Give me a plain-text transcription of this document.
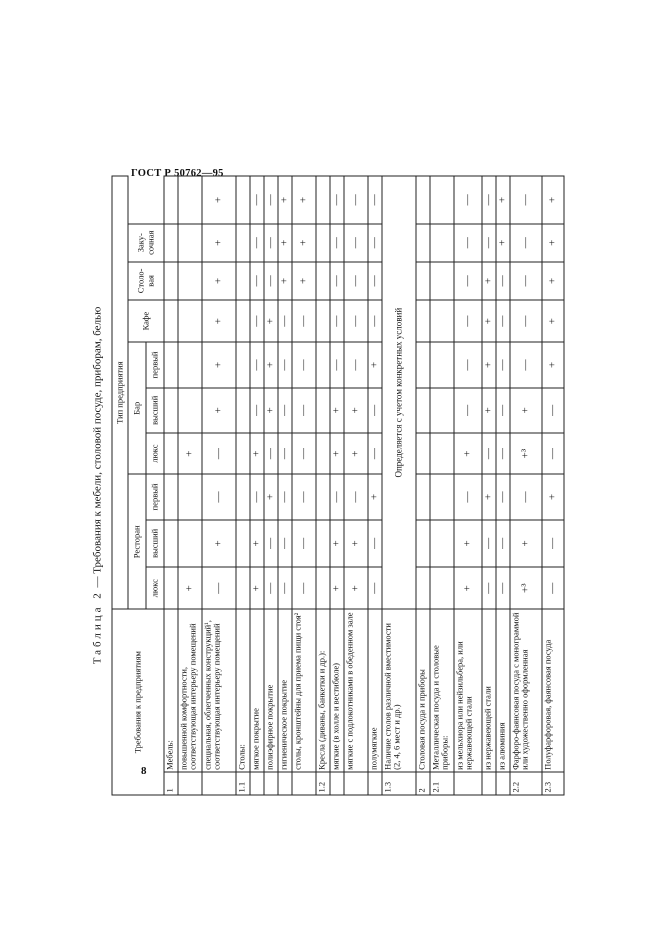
ГОСТ Р 50762—95
Таблица 2 — Требования к мебели, столовой посуде, приборам, белью
Требования к предприятиям		Тип предприятия									
		Ресторан			Бар			Кафе	Столо-вая	Заку-сочная	
		люкс	высший	первый	люкс	высший	первый				
1	Мебель:										
	повышенной комфортности, соответствующая интерьеру помещений	+			+						
	специальная, облегченных конструкций¹, соответствующая интерьеру помещений	—	+	—	—	+	+	+	+	+	+
1.1	Столы:										
	мягкое покрытие	+	+	—	+	—	—	—	—	—	—
	полиэфирное покрытие	—	—	+	—	+	+	+	—	—	—
	гигиеническое покрытие	—	—	—	—	—	—	—	+	+	+
	столы, кронштейны для приема пищи стоя²	—	—	—	—	—	—	—	+	+	+
1.2	Кресла (диваны, банкетки и др.):										
	мягкие (в холле и вестибюле)	+	+	—	+	+	—	—	—	—	—
	мягкие с подлокотниками в обеденном зале	+	+	—	+	+	—	—	—	—	—
	полумягкие	—	—	+	—	—	+	—	—	—	—
1.3	Наличие столов различной вместимости (2, 4, 6 мест и др.)	Определяется с учетом конкретных условий									
2	Столовая посуда и приборы										
2.1	Металлическая посуда и столовые приборы:										
	из мельхиора или нейзильбера, или нержавеющей стали	+	+	—	+	—	—	—	—	—	—
	из нержавеющей стали	—	—	+	—	+	+	+	+	—	—
	из алюминия	—	—	—	—	—	—	—	—	+	+
2.2	Фарфоро-фаянсовая посуда с монограммой или художественно оформленная	+³	+	—	+³	+	—	—	—	—	—
2.3	Полуфарфоровая, фаянсовая посуда	—	—	+	—	—	+	+	+	+	+
8
